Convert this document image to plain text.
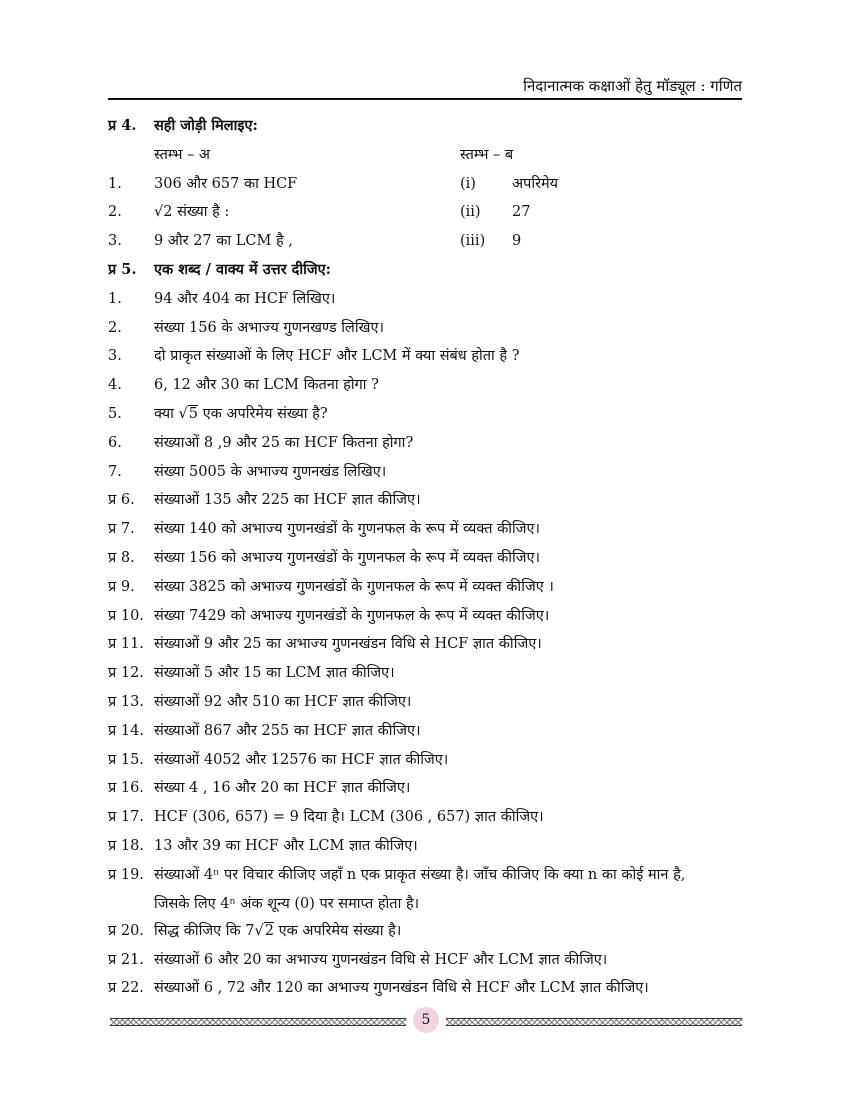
निदानात्मक कक्षाओं हेतु मॉड्यूल : गणित
प्र 4. सही जोड़ी मिलाइए:
स्तम्भ – अ	स्तम्भ – ब
1. 306 और 657 का HCF	(i) अपरिमेय
2. √2 संख्या है :	(ii) 27
3. 9 और 27 का LCM है ,	(iii) 9
प्र 5. एक शब्द / वाक्य में उत्तर दीजिए:
1. 94 और 404 का HCF लिखिए।
2. संख्या 156 के अभाज्य गुणनखण्ड लिखिए।
3. दो प्राकृत संख्याओं के लिए HCF और LCM में क्या संबंध होता है ?
4. 6, 12 और 30 का LCM कितना होगा ?
5. क्या √5 एक अपरिमेय संख्या है?
6. संख्याओं 8 ,9 और 25 का HCF कितना होगा?
7. संख्या 5005 के अभाज्य गुणनखंड लिखिए।
प्र 6. संख्याओं 135 और 225 का HCF ज्ञात कीजिए।
प्र 7. संख्या 140 को अभाज्य गुणनखंडों के गुणनफल के रूप में व्यक्त कीजिए।
प्र 8. संख्या 156 को अभाज्य गुणनखंडों के गुणनफल के रूप में व्यक्त कीजिए।
प्र 9. संख्या 3825 को अभाज्य गुणनखंडों के गुणनफल के रूप में व्यक्त कीजिए ।
प्र 10. संख्या 7429 को अभाज्य गुणनखंडों के गुणनफल के रूप में व्यक्त कीजिए।
प्र 11. संख्याओं 9 और 25 का अभाज्य गुणनखंडन विधि से HCF ज्ञात कीजिए।
प्र 12. संख्याओं 5 और 15 का LCM ज्ञात कीजिए।
प्र 13. संख्याओं 92 और 510 का HCF ज्ञात कीजिए।
प्र 14. संख्याओं 867 और 255 का HCF ज्ञात कीजिए।
प्र 15. संख्याओं 4052 और 12576 का HCF ज्ञात कीजिए।
प्र 16. संख्या 4 , 16 और 20 का HCF ज्ञात कीजिए।
प्र 17. HCF (306, 657) = 9 दिया है। LCM (306 , 657) ज्ञात कीजिए।
प्र 18. 13 और 39 का HCF और LCM ज्ञात कीजिए।
प्र 19. संख्याओं 4ⁿ पर विचार कीजिए जहाँ n एक प्राकृत संख्या है। जाँच कीजिए कि क्या n का कोई मान है,
जिसके लिए 4ⁿ अंक शून्य (0) पर समाप्त होता है।
प्र 20. सिद्ध कीजिए कि 7√2 एक अपरिमेय संख्या है।
प्र 21. संख्याओं 6 और 20 का अभाज्य गुणनखंडन विधि से HCF और LCM ज्ञात कीजिए।
प्र 22. संख्याओं 6 , 72 और 120 का अभाज्य गुणनखंडन विधि से HCF और LCM ज्ञात कीजिए।
5
